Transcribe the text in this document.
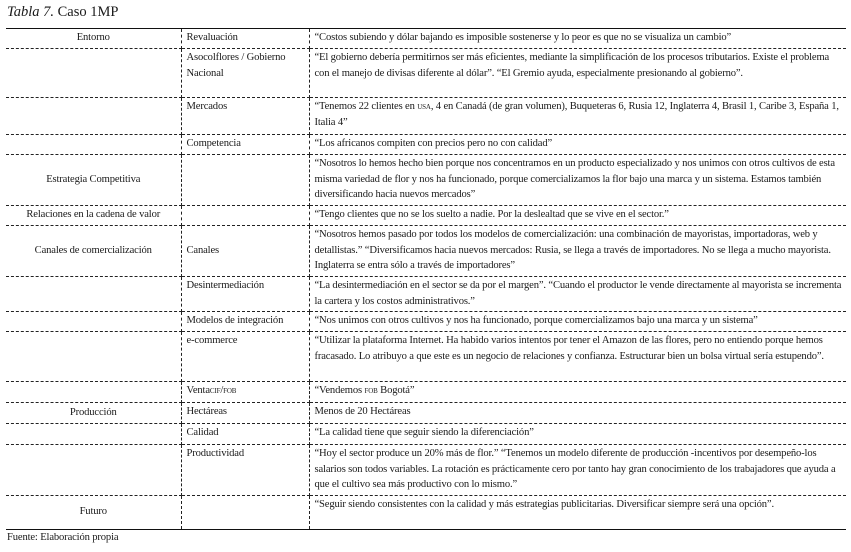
Tabla 7. Caso 1MP
Entorno	Revaluación	“Costos subiendo y dólar bajando es imposible sostenerse y lo peor es que no se visualiza un cambio”
	Asocolflores / Gobierno Nacional	“El gobierno debería permitirnos ser más eficientes, mediante la simplificación de los procesos tributarios. Existe el problema con el manejo de divisas diferente al dólar”. “El Gremio ayuda, especialmente presionando al gobierno”.
	Mercados	“Tenemos 22 clientes en usa, 4 en Canadá (de gran volumen), Buqueteras 6, Rusia 12, Inglaterra 4, Brasil 1, Caribe 3, España 1, Italia 4”
	Competencia	“Los africanos compiten con precios pero no con calidad”
Estrategia Competitiva		“Nosotros lo hemos hecho bien porque nos concentramos en un producto especializado y nos unimos con otros cultivos de esta misma variedad de flor y nos ha funcionado, porque comercializamos la flor bajo una marca y un sistema. Estamos también diversificando hacia nuevos mercados”
Relaciones en la cadena de valor		“Tengo clientes que no se los suelto a nadie. Por la deslealtad que se vive en el sector.”
Canales de comercialización	Canales	“Nosotros hemos pasado por todos los modelos de comercialización: una combinación de mayoristas, importadoras, web y detallistas.” “Diversificamos hacia nuevos mercados: Rusia, se llega a través de importadores. No se llega a mucho mayorista. Inglaterra se entra sólo a través de importadores”
	Desintermediación	“La desintermediación en el sector se da por el margen”. “Cuando el productor le vende directamente al mayorista se incrementa la cartera y los costos administrativos.”
	Modelos de integración	“Nos unimos con otros cultivos y nos ha funcionado, porque comercializamos bajo una marca y un sistema”
	e-commerce	“Utilizar la plataforma Internet. Ha habido varios intentos por tener el Amazon de las flores, pero no entiendo porque hemos fracasado. Lo atribuyo a que este es un negocio de relaciones y confianza. Estructurar bien un bolsa virtual sería estupendo”.
	Ventacif/fob	“Vendemos fob Bogotá”
Producción	Hectáreas	Menos de 20 Hectáreas
	Calidad	“La calidad tiene que seguir siendo la diferenciación”
	Productividad	“Hoy el sector produce un 20% más de flor.” “Tenemos un modelo diferente de producción -incentivos por desempeño-los salarios son todos variables. La rotación es prácticamente cero por tanto hay gran conocimiento de los trabajadores que ayuda a que el cultivo sea más productivo con lo mismo.”
Futuro		“Seguir siendo consistentes con la calidad y más estrategias publicitarias. Diversificar siempre será una opción”.
Fuente: Elaboración propia
